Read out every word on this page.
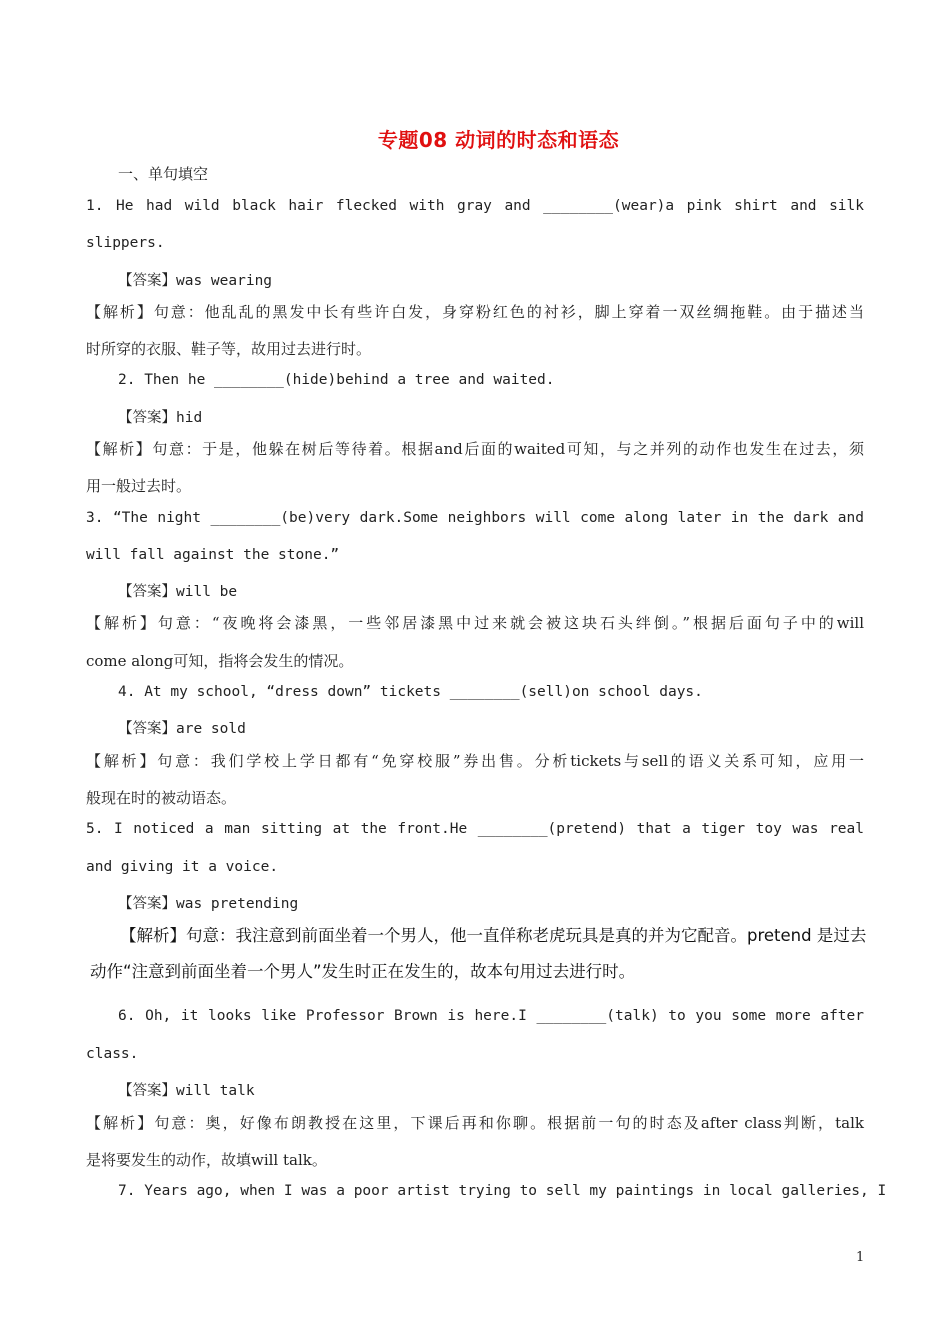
专题08 动词的时态和语态
一、单句填空
1. He had wild black hair flecked with gray and ________(wear)a pink shirt and silk
slippers.
【答案】was wearing
【解析】句意：他乱乱的黑发中长有些许白发，身穿粉红色的衬衫，脚上穿着一双丝绸拖鞋。由于描述当
时所穿的衣服、鞋子等，故用过去进行时。
2. Then he ________(hide)behind a tree and waited.
【答案】hid
【解析】句意：于是，他躲在树后等待着。根据and后面的waited可知，与之并列的动作也发生在过去，须
用一般过去时。
3. “The night ________(be)very dark.Some neighbors will come along later in the dark and
will fall against the stone.”
【答案】will be
【解析】句意：“夜晚将会漆黑，一些邻居漆黑中过来就会被这块石头绊倒。”根据后面句子中的will
come along可知，指将会发生的情况。
4. At my school, “dress down” tickets ________(sell)on school days.
【答案】are sold
【解析】句意：我们学校上学日都有“免穿校服”券出售。分析tickets与sell的语义关系可知，应用一
般现在时的被动语态。
5. I noticed a man sitting at the front.He ________(pretend) that a tiger toy was real
and giving it a voice.
【答案】was pretending
【解析】句意：我注意到前面坐着一个男人，他一直佯称老虎玩具是真的并为它配音。pretend 是过去
动作“注意到前面坐着一个男人”发生时正在发生的，故本句用过去进行时。
6. Oh, it looks like Professor Brown is here.I ________(talk) to you some more after
class.
【答案】will talk
【解析】句意：奥，好像布朗教授在这里，下课后再和你聊。根据前一句的时态及after class判断，talk
是将要发生的动作，故填will talk。
7. Years ago, when I was a poor artist trying to sell my paintings in local galleries, I
1
